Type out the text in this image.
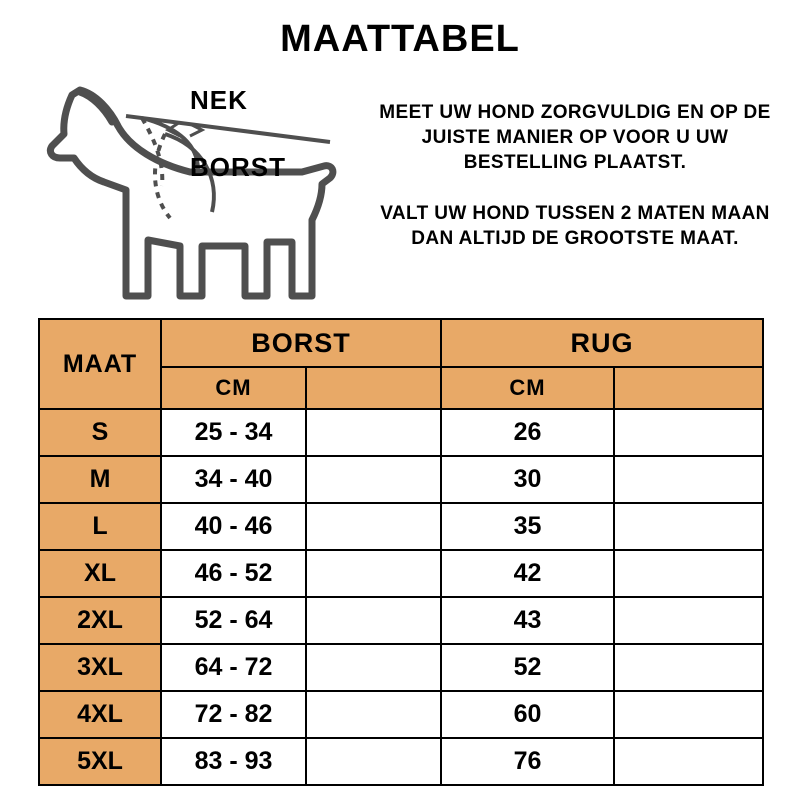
MAATTABEL
NEK
BORST

MEET UW HOND ZORGVULDIG EN OP DE JUISTE MANIER OP VOOR U UW BESTELLING PLAATST.

VALT UW HOND TUSSEN 2 MATEN MAAN DAN ALTIJD DE GROOTSTE MAAT.

MAAT	BORST		RUG	
	CM		CM	
S	25 - 34		26	
M	34 - 40		30	
L	40 - 46		35	
XL	46 - 52		42	
2XL	52 - 64		43	
3XL	64 - 72		52	
4XL	72 - 82		60	
5XL	83 - 93		76	
